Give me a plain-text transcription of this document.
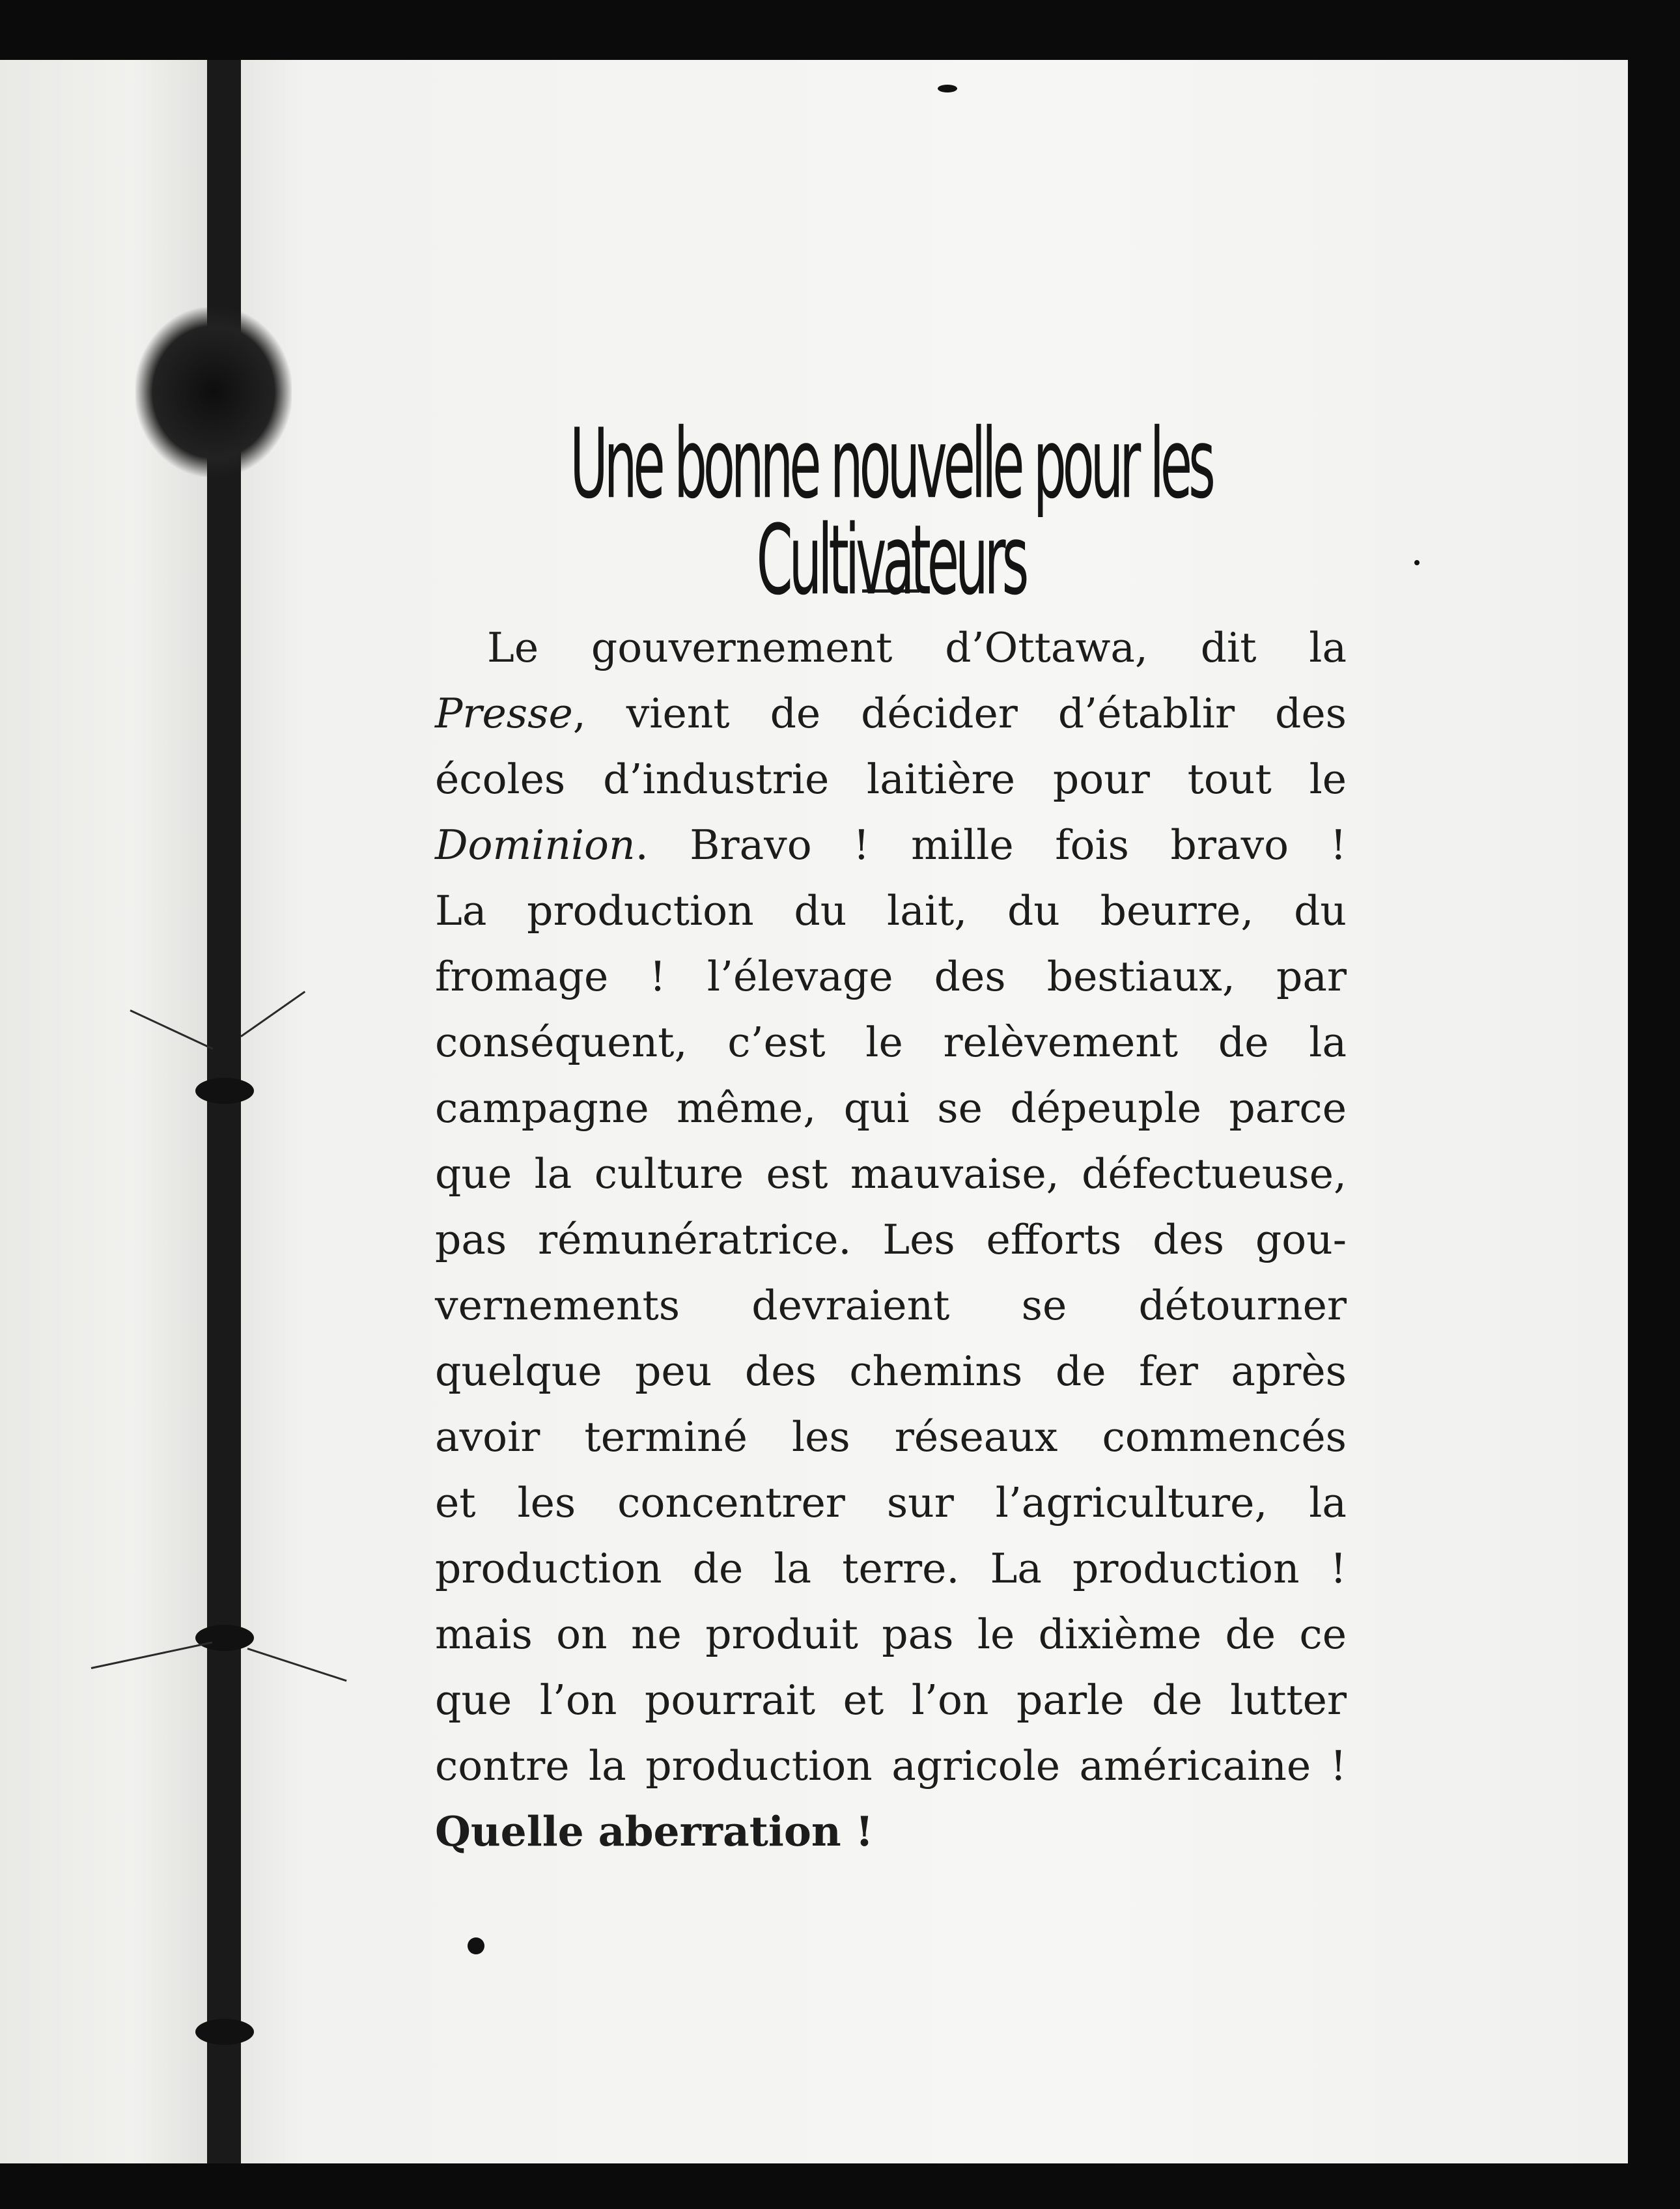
Une bonne nouvelle pour les Cultivateurs
Le gouvernement d’Ottawa, dit la
Presse, vient de décider d’établir des
écoles d’industrie laitière pour tout le
Dominion. Bravo ! mille fois bravo !
La production du lait, du beurre, du
fromage ! l’élevage des bestiaux, par
conséquent, c’est le relèvement de la
campagne même, qui se dépeuple parce
que la culture est mauvaise, défectueuse,
pas rémunératrice. Les efforts des gou-
vernements devraient se détourner
quelque peu des chemins de fer après
avoir terminé les réseaux commencés
et les concentrer sur l’agriculture, la
production de la terre. La production !
mais on ne produit pas le dixième de ce
que l’on pourrait et l’on parle de lutter
contre la production agricole américaine !
Quelle aberration !
